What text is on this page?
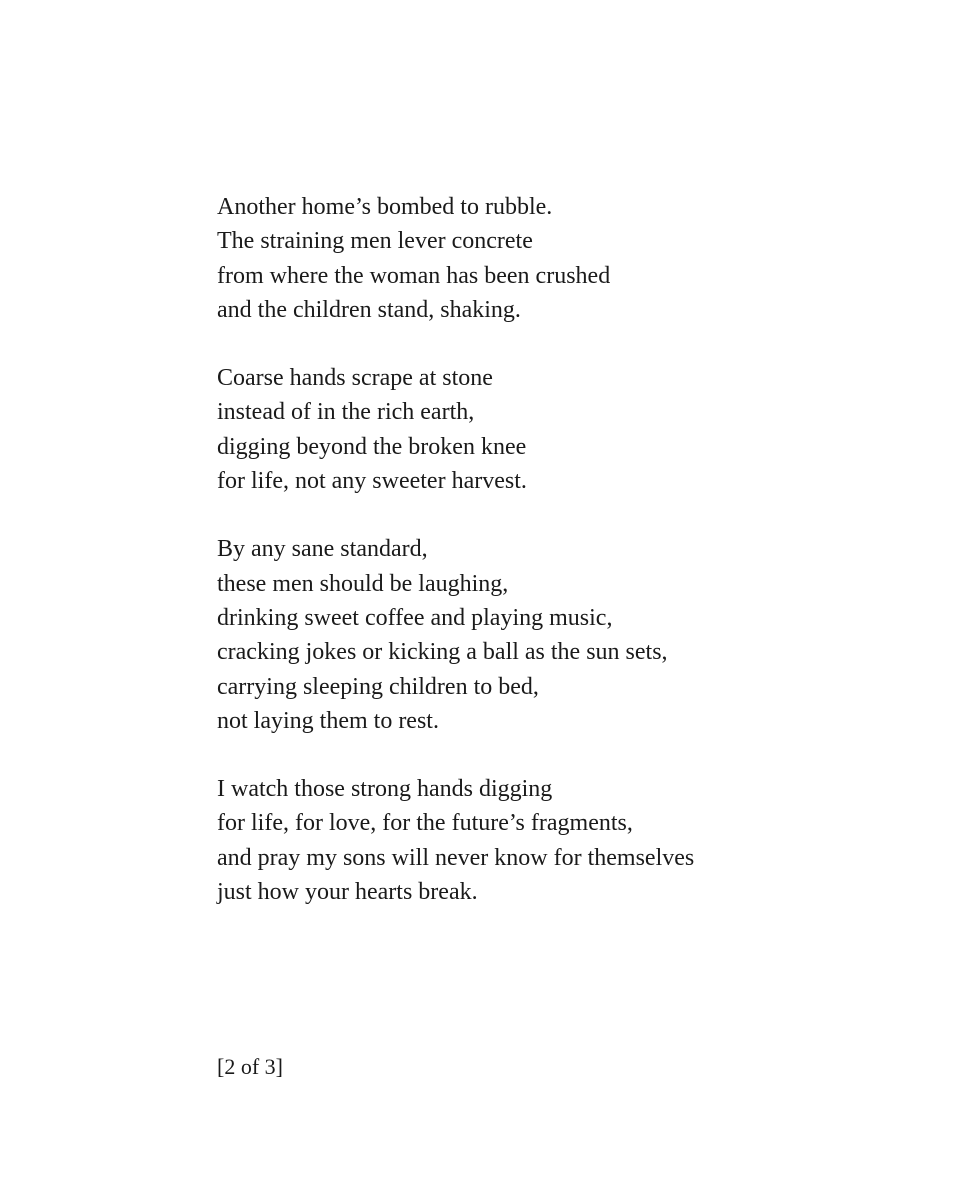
Another home’s bombed to rubble.
The straining men lever concrete
from where the woman has been crushed
and the children stand, shaking.
Coarse hands scrape at stone
instead of in the rich earth,
digging beyond the broken knee
for life, not any sweeter harvest.
By any sane standard,
these men should be laughing,
drinking sweet coffee and playing music,
cracking jokes or kicking a ball as the sun sets,
carrying sleeping children to bed,
not laying them to rest.
I watch those strong hands digging
for life, for love, for the future’s fragments,
and pray my sons will never know for themselves
just how your hearts break.
[2 of 3]
